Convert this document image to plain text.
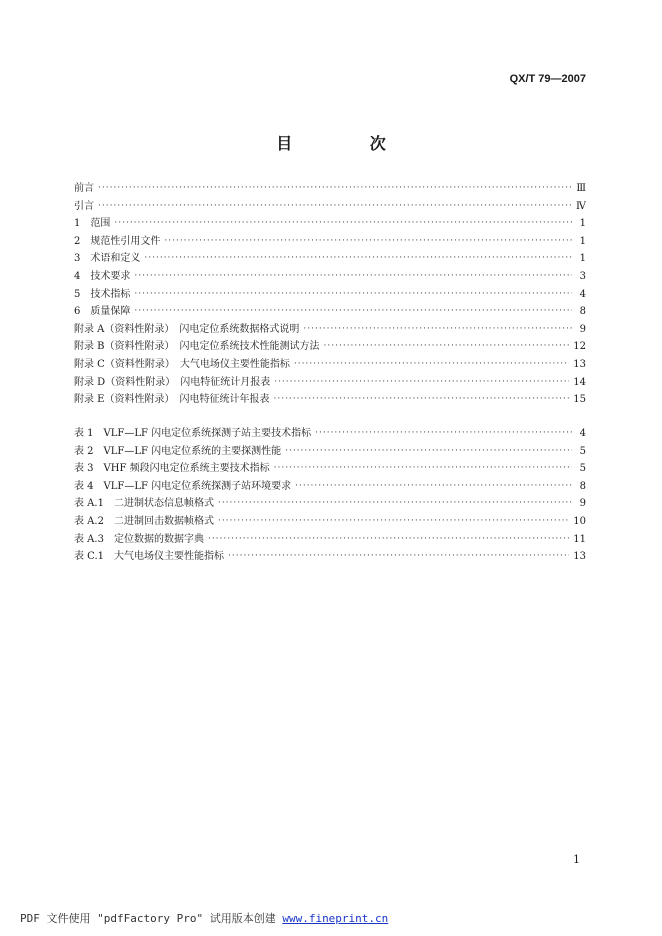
QX/T 79—2007
目 次
前言 ·····	Ⅲ
引言 ·····	Ⅳ
1　范围 ·····	1
2　规范性引用文件 ·····	1
3　术语和定义 ·····	1
4　技术要求 ·····	3
5　技术指标 ·····	4
6　质量保障 ·····	8
附录 A（资料性附录）　闪电定位系统数据格式说明 ·····	9
附录 B（资料性附录）　闪电定位系统技术性能测试方法 ·····	12
附录 C（资料性附录）　大气电场仪主要性能指标 ·····	13
附录 D（资料性附录）　闪电特征统计月报表 ·····	14
附录 E（资料性附录）　闪电特征统计年报表 ·····	15
表 1　VLF—LF 闪电定位系统探测子站主要技术指标 ·····	4
表 2　VLF—LF 闪电定位系统的主要探测性能 ·····	5
表 3　VHF 频段闪电定位系统主要技术指标 ·····	5
表 4　VLF—LF 闪电定位系统探测子站环境要求 ·····	8
表 A.1　二进制状态信息帧格式 ·····	9
表 A.2　二进制回击数据帧格式 ·····	10
表 A.3　定位数据的数据字典 ·····	11
表 C.1　大气电场仪主要性能指标 ·····	13
1
PDF 文件使用 "pdfFactory Pro" 试用版本创建 www.fineprint.cn
